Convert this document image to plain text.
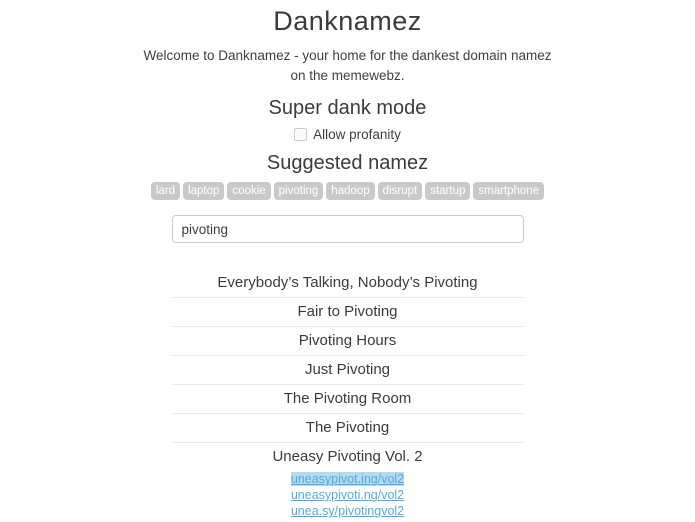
Danknamez

Welcome to Danknamez - your home for the dankest domain namez on the memewebz.

Super dank mode
Allow profanity
Suggested namez
lard	laptop	cookie	pivoting	hadoop	disrupt	startup	smartphone
pivoting
Everybody’s Talking, Nobody’s Pivoting
Fair to Pivoting
Pivoting Hours
Just Pivoting
The Pivoting Room
The Pivoting
Uneasy Pivoting Vol. 2
uneasypivot.ing/vol2
uneasypivoti.ng/vol2
unea.sy/pivotingvol2
